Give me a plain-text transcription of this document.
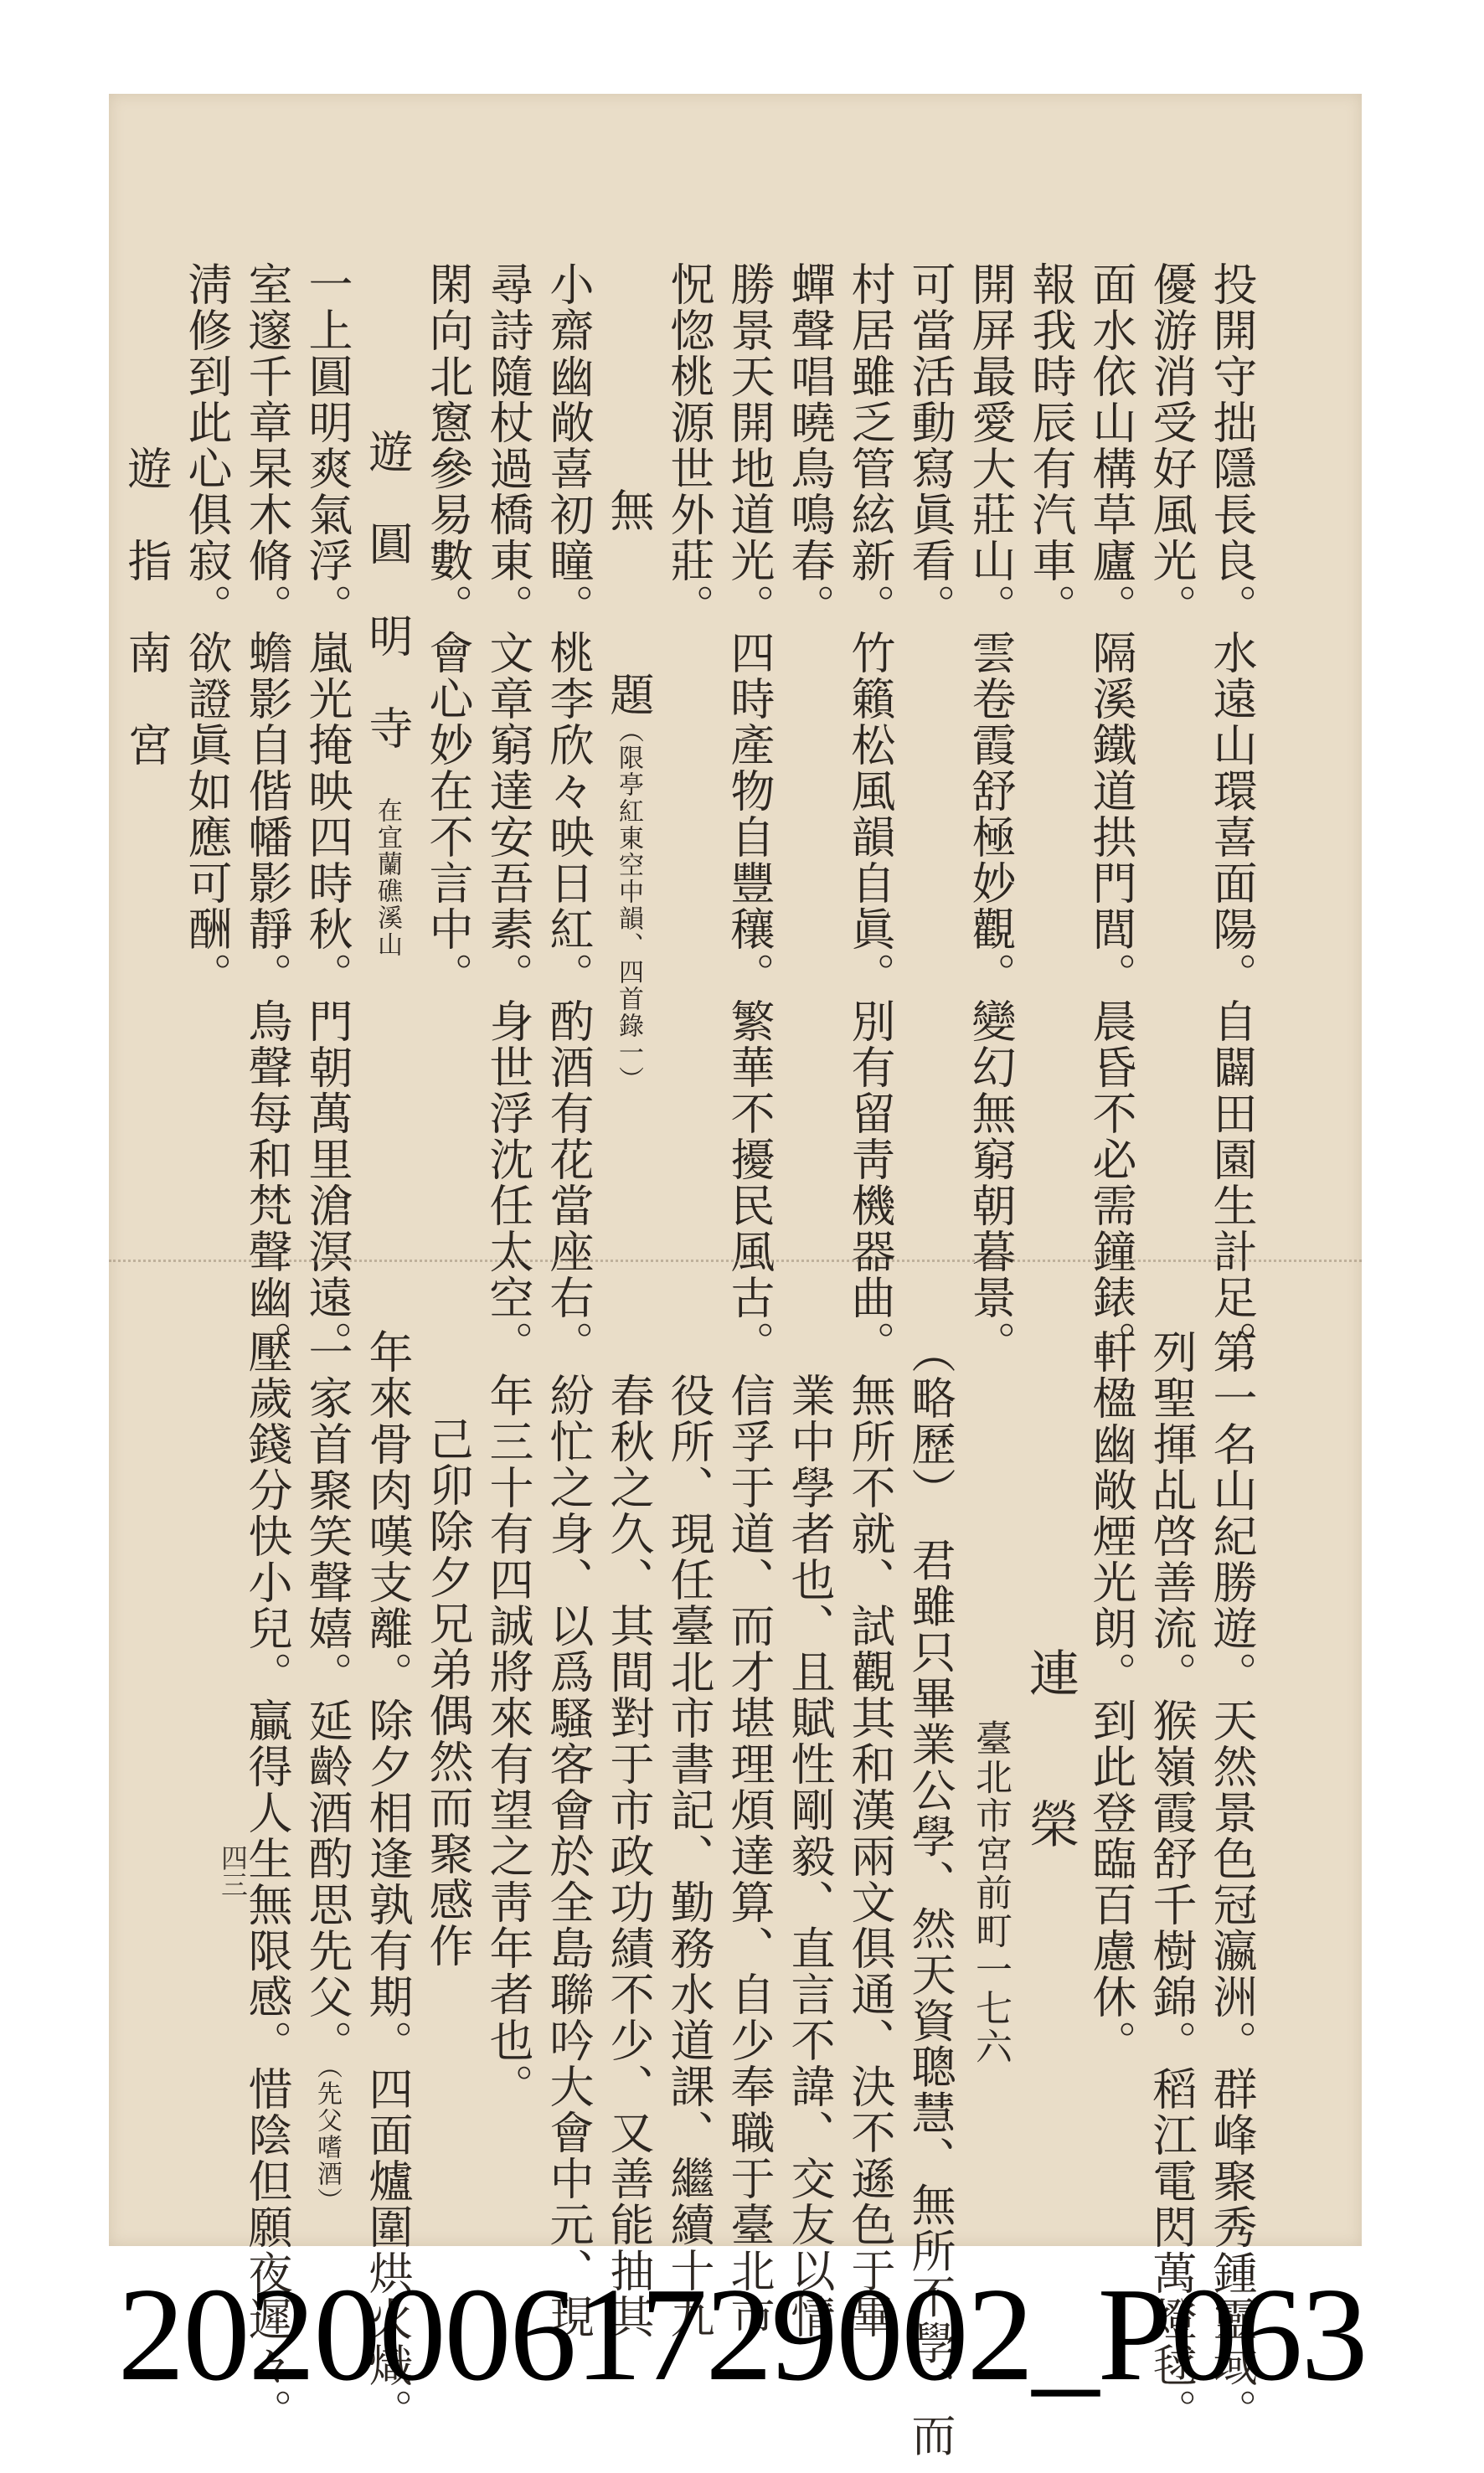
投開守拙隱長良。水遠山環喜面陽。自闢田園生計足。
優游消受好風光。
面水依山構草廬。隔溪鐵道拱門閭。晨昏不必需鐘錶。
報我時辰有汽車。
開屏最愛大莊山。雲卷霞舒極妙觀。變幻無窮朝暮景。
可當活動寫眞看。
村居雖乏管絃新。竹籟松風韻自眞。別有留靑機器曲。
蟬聲唱曉鳥鳴春。
勝景天開地道光。四時產物自豐穰。繁華不擾民風古。
怳惚桃源世外莊。
無　　　題（限𠅘紅東空中韻、四首錄一）
小齋幽敞喜初瞳。桃李欣々映日紅。酌酒有花當座右。
尋詩隨杖過橋東。文章窮達安吾素。身世浮沈任太空。
閑向北窻參易數。會心妙在不言中。
遊　圓　明　寺　在宜蘭礁溪山
一上圓明爽氣浮。嵐光掩映四時秋。門朝萬里滄溟遠。
室邃千章杲木脩。蟾影自偕幡影靜。鳥聲每和梵聲幽。
淸修到此心俱寂。欲證眞如應可酬。
遊　指　南　宮
第一名山紀勝遊。天然景色冠瀛洲。群峰聚秀鍾靈域。
列聖揮乩啓善流。猴嶺霞舒千樹錦。稻江電閃萬燈毬。
軒楹幽敞煙光朗。到此登臨百慮休。
連　榮
臺北市宮前町一七六
（略歷）　君雖只畢業公學、然天資聰慧、無所不學、而
無所不就、試觀其和漢兩文俱通、決不遜色于畢
業中學者也、且賦性剛毅、直言不諱、交友以情
信孚于道、而才堪理煩達算、自少奉職于臺北市
役所、現任臺北市書記、勤務水道課、繼續十九
春秋之久、其間對于市政功績不少、又善能抽其
紛忙之身、以爲騷客會於全島聯吟大會中元、現
年三十有四誠將來有望之靑年者也。
己卯除夕兄弟偶然而聚感作
年來骨肉嘆支離。除夕相逢孰有期。四面爐圍烘火熾。
一家首聚笑聲嬉。延齡酒酌思先父。（先父嗜酒）
壓歲錢分快小兒。贏得人生無限感。惜陰但願夜遲々。
四三
20200061729002_P063
